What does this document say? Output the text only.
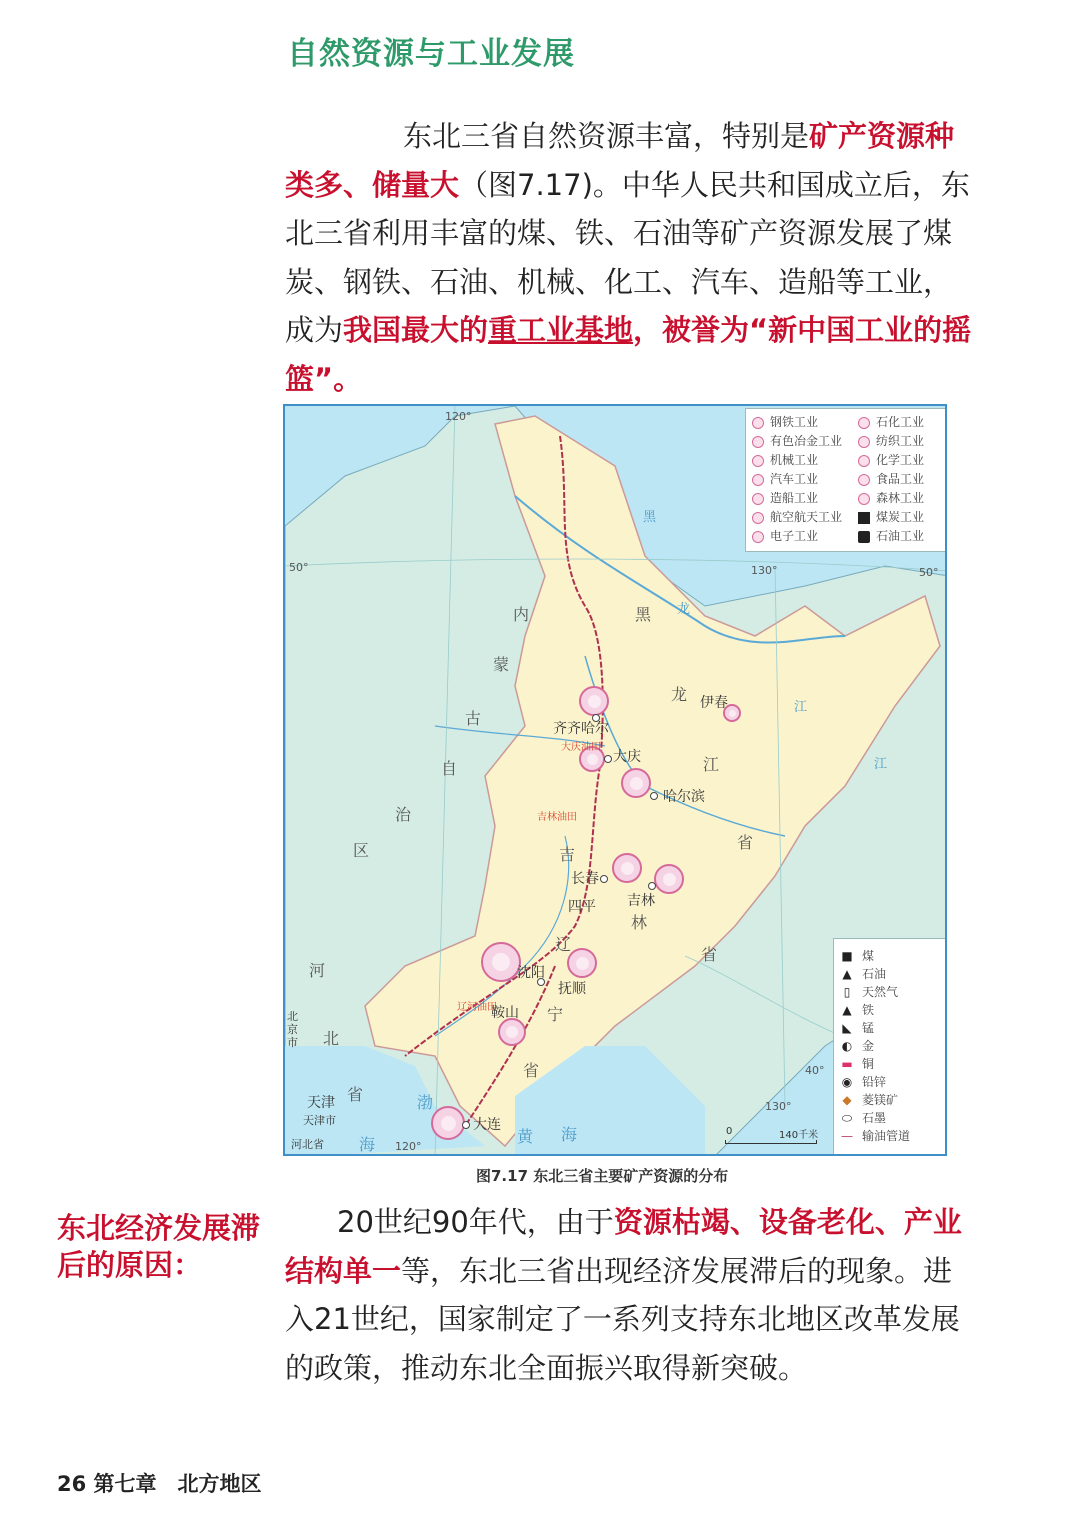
自然资源与工业发展
东北三省自然资源丰富，特别是矿产资源种类多、储量大（图7.17)。中华人民共和国成立后，东北三省利用丰富的煤、铁、石油等矿产资源发展了煤炭、钢铁、石油、机械、化工、汽车、造船等工业，成为我国最大的重工业基地，被誉为“新中国工业的摇篮”。
钢铁工业
有色冶金工业
机械工业
汽车工业
造船工业
航空航天工业
电子工业
石化工业
纺织工业
化学工业
食品工业
森林工业
煤炭工业
石油工业
■ 煤
▲ 石油
▯ 天然气
▲ 铁
◣ 锰
◐ 金
▬ 铜
◉ 铅锌
◆ 菱镁矿
⬭ 石墨
— 输油管道
齐齐哈尔
大庆油田
大庆
哈尔滨
伊春
吉林油田
长春
吉林
四平
沈阳
抚顺
鞍山
辽河油田
大连
天津
天津市
河北省
北京市
内
蒙
古
自
治
区
黑
龙
江
省
吉
林
省
辽
宁
省
河
北
省	渤
海	黄 海
黑
龙
江
江
120°
130°
50°	50°
40°
130°
120°
0	140千米
图7.17 东北三省主要矿产资源的分布
东北经济发展滞后的原因：
20世纪90年代，由于资源枯竭、设备老化、产业结构单一等，东北三省出现经济发展滞后的现象。进入21世纪，国家制定了一系列支持东北地区改革发展的政策，推动东北全面振兴取得新突破。
26 第七章　北方地区
